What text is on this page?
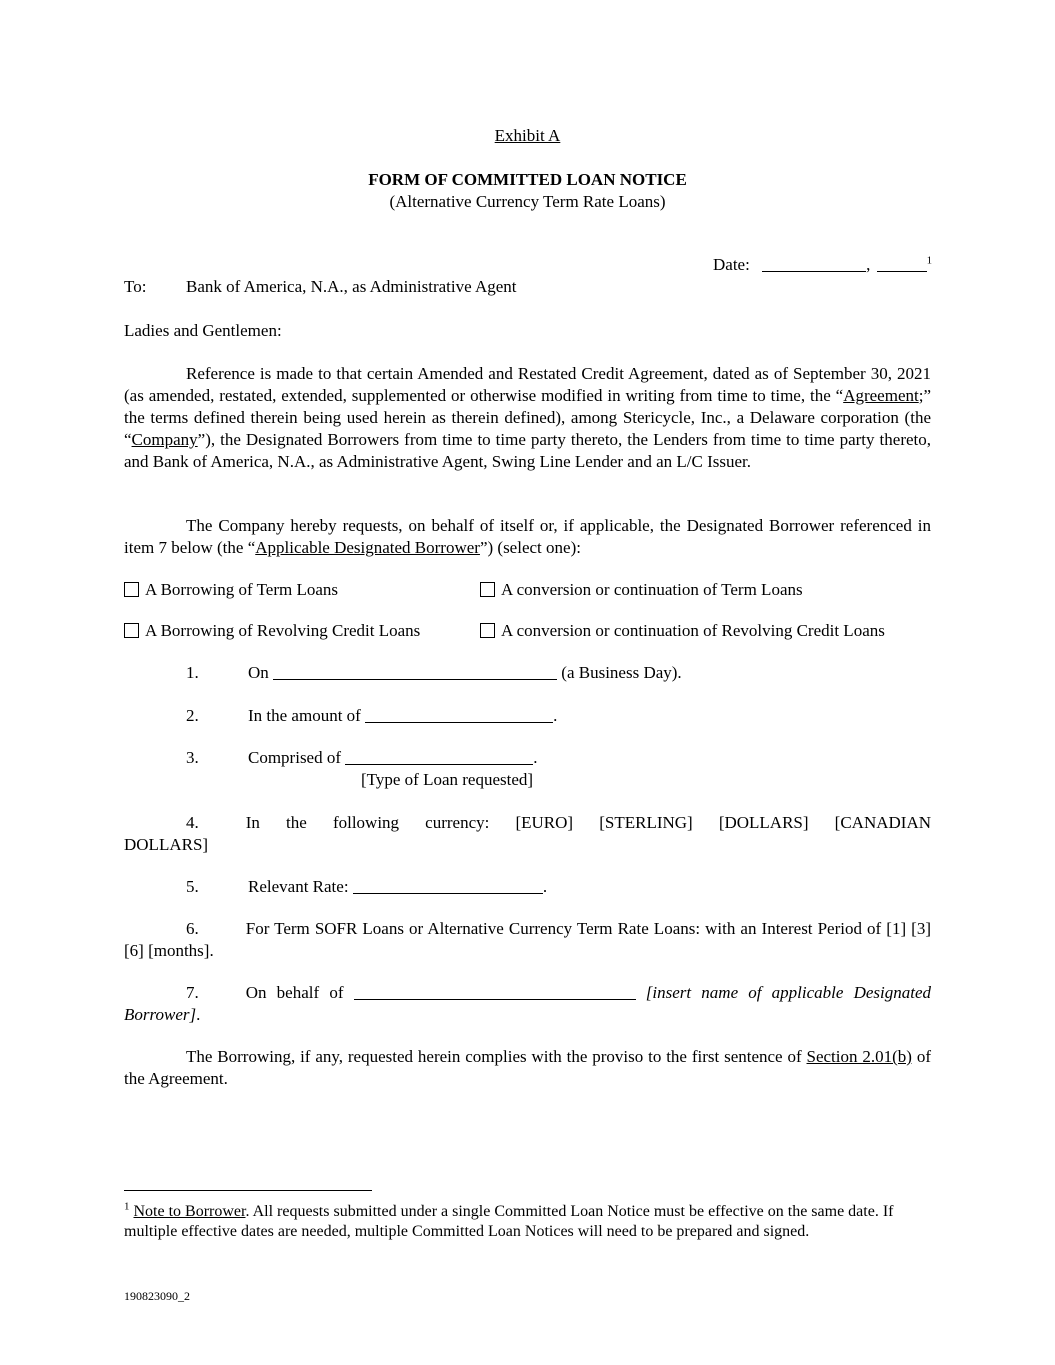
Exhibit A
FORM OF COMMITTED LOAN NOTICE
(Alternative Currency Term Rate Loans)
Date:	,	$^1$
To: Bank of America, N.A., as Administrative Agent
Ladies and Gentlemen:
Reference is made to that certain Amended and Restated Credit Agreement, dated as of September 30, 2021 (as amended, restated, extended, supplemented or otherwise modified in writing from time to time, the “Agreement;” the terms defined therein being used herein as therein defined), among Stericycle, Inc., a Delaware corporation (the “Company”), the Designated Borrowers from time to time party thereto, the Lenders from time to time party thereto, and Bank of America, N.A., as Administrative Agent, Swing Line Lender and an L/C Issuer.
The Company hereby requests, on behalf of itself or, if applicable, the Designated Borrower referenced in item 7 below (the “Applicable Designated Borrower”) (select one):
A Borrowing of Term Loans	A conversion or continuation of Term Loans
A Borrowing of Revolving Credit Loans	A conversion or continuation of Revolving Credit Loans
1.	On	(a Business Day).
2.	In the amount of	.
3.	Comprised of	.
[Type of Loan requested]
4.	In the following currency: [EURO] [STERLING] [DOLLARS] [CANADIAN DOLLARS]
5.	Relevant Rate:	.
6.	For Term SOFR Loans or Alternative Currency Term Rate Loans: with an Interest Period of [1] [3] [6] [months].
7.	On behalf of	[insert name of applicable Designated Borrower].
The Borrowing, if any, requested herein complies with the proviso to the first sentence of Section 2.01(b) of the Agreement.
$^1$ Note to Borrower. All requests submitted under a single Committed Loan Notice must be effective on the same date. If multiple effective dates are needed, multiple Committed Loan Notices will need to be prepared and signed.
190823090_2
